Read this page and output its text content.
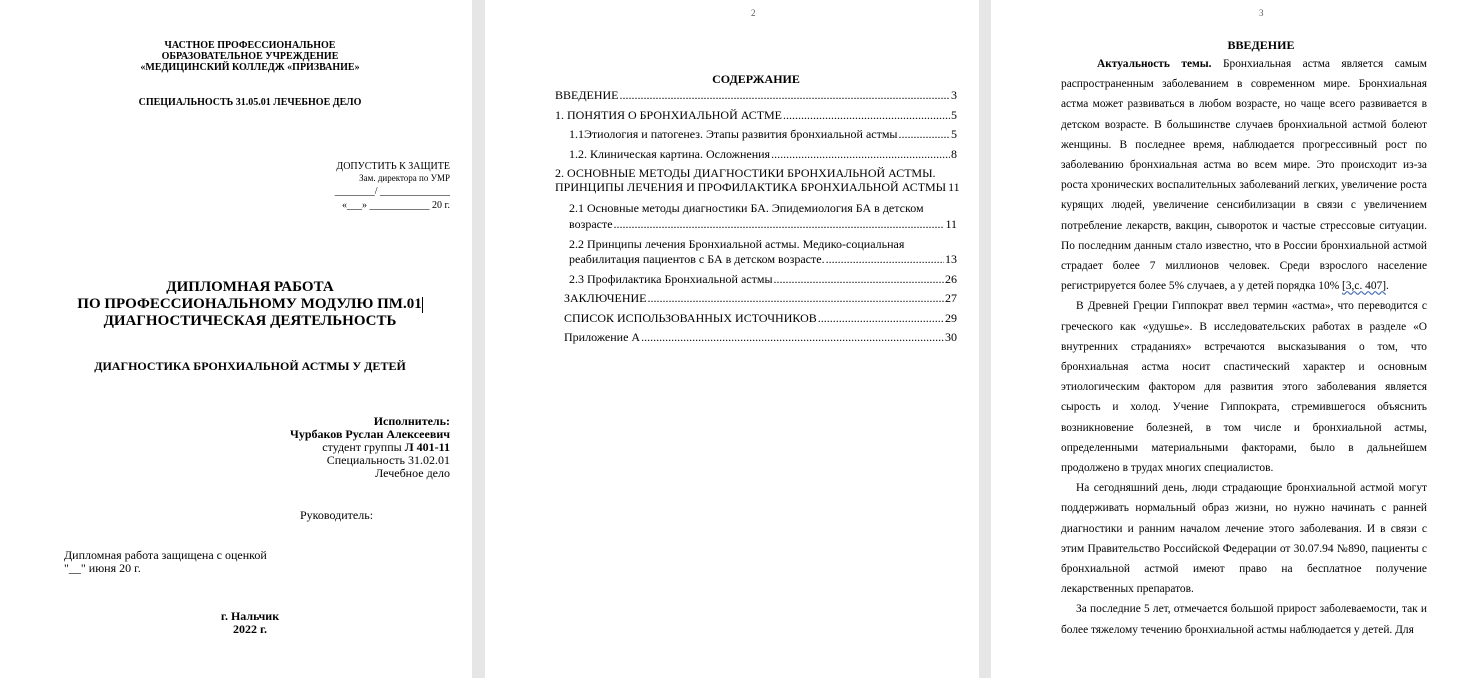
ЧАСТНОЕ ПРОФЕССИОНАЛЬНОЕ
ОБРАЗОВАТЕЛЬНОЕ УЧРЕЖДЕНИЕ
«МЕДИЦИНСКИЙ КОЛЛЕДЖ «ПРИЗВАНИЕ»
СПЕЦИАЛЬНОСТЬ 31.05.01 ЛЕЧЕБНОЕ ДЕЛО
ДОПУСТИТЬ К ЗАЩИТЕ
Зам. директора по УМР
________/ ______________
«___» ____________ 20 г.
ДИПЛОМНАЯ РАБОТА
ПО ПРОФЕССИОНАЛЬНОМУ МОДУЛЮ ПМ.01
ДИАГНОСТИЧЕСКАЯ ДЕЯТЕЛЬНОСТЬ
ДИАГНОСТИКА БРОНХИАЛЬНОЙ АСТМЫ У ДЕТЕЙ
Исполнитель:
Чурбаков Руслан Алексеевич
студент группы Л 401-11
Специальность 31.02.01
Лечебное дело
Руководитель:
Дипломная работа защищена с оценкой
"__" июня 20 г.
г. Нальчик
2022 г.
2
СОДЕРЖАНИЕ
ВВЕДЕНИЕ .....	3
1. ПОНЯТИЯ О БРОНХИАЛЬНОЙ АСТМЕ .....	5
1.1Этиология и патогенез. Этапы развития бронхиальной астмы .....	5
1.2. Клиническая картина. Осложнения .....	8
2. ОСНОВНЫЕ МЕТОДЫ ДИАГНОСТИКИ БРОНХИАЛЬНОЙ АСТМЫ.
ПРИНЦИПЫ ЛЕЧЕНИЯ И ПРОФИЛАКТИКА БРОНХИАЛЬНОЙ АСТМЫ 11
2.1 Основные методы диагностики БА. Эпидемиология БА в детском
возрасте .....	11
2.2 Принципы лечения Бронхиальной астмы. Медико-социальная
реабилитация пациентов с БА в детском возрасте. .....	13
2.3 Профилактика Бронхиальной астмы .....	26
ЗАКЛЮЧЕНИЕ .....	27
СПИСОК ИСПОЛЬЗОВАННЫХ ИСТОЧНИКОВ .....	29
Приложение А .....	30
3
ВВЕДЕНИЕ

Актуальность темы. Бронхиальная астма является самым распространенным заболеванием в современном мире. Бронхиальная астма может развиваться в любом возрасте, но чаще всего развивается в детском возрасте. В большинстве случаев бронхиальной астмой болеют женщины. В последнее время, наблюдается прогрессивный рост по заболеванию бронхиальная астма во всем мире. Это происходит из-за роста хронических воспалительных заболеваний легких, увеличение роста курящих людей, увеличение сенсибилизации в связи с увеличением потребление лекарств, вакцин, сывороток и частые стрессовые ситуации. По последним данным стало известно, что в России бронхиальной астмой страдает более 7 миллионов человек. Среди взрослого население регистрируется более 5% случаев, а у детей порядка 10% [3,с. 407].

В Древней Греции Гиппократ ввел термин «астма», что переводится с греческого как «удушье». В исследовательских работах в разделе «О внутренних страданиях» встречаются высказывания о том, что бронхиальная астма носит спастический характер и основным этиологическим фактором для развития этого заболевания является сырость и холод. Учение Гиппократа, стремившегося объяснить возникновение болезней, в том числе и бронхиальной астмы, определенными материальными факторами, было в дальнейшем продолжено в трудах многих специалистов.

На сегодняшний день, люди страдающие бронхиальной астмой могут поддерживать нормальный образ жизни, но нужно начинать с ранней диагностики и ранним началом лечение этого заболевания. И в связи с этим Правительство Российской Федерации от 30.07.94 №890, пациенты с бронхиальной астмой имеют право на бесплатное получение лекарственных препаратов.

За последние 5 лет, отмечается большой прирост заболеваемости, так и более тяжелому течению бронхиальной астмы наблюдается у детей. Для
